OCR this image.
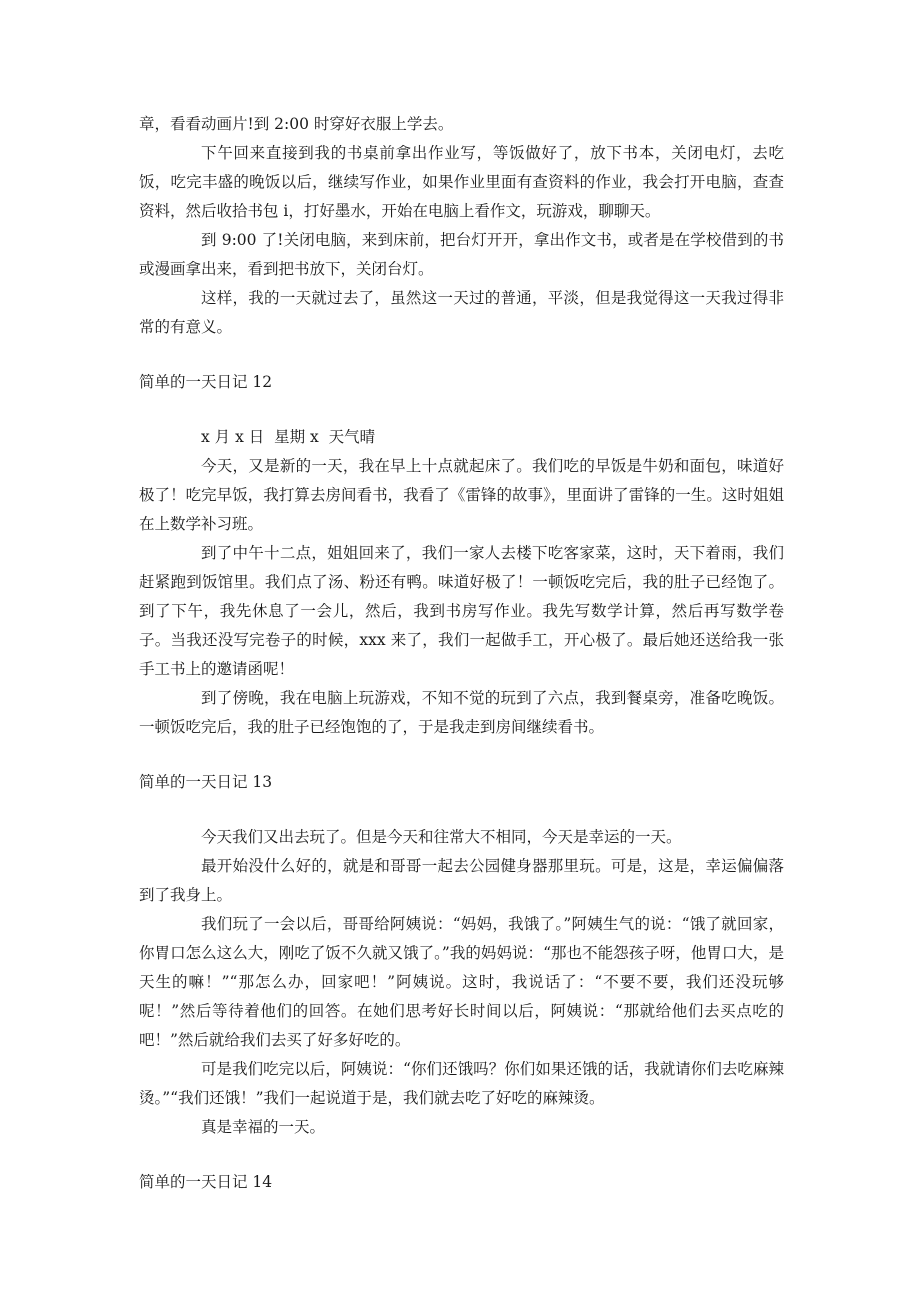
章，看看动画片!到 2:00 时穿好衣服上学去。

下午回来直接到我的书桌前拿出作业写，等饭做好了，放下书本，关闭电灯，去吃饭，吃完丰盛的晚饭以后，继续写作业，如果作业里面有查资料的作业，我会打开电脑，查查资料，然后收拾书包 i，打好墨水，开始在电脑上看作文，玩游戏，聊聊天。

到 9:00 了!关闭电脑，来到床前，把台灯开开，拿出作文书，或者是在学校借到的书或漫画拿出来，看到把书放下，关闭台灯。

这样，我的一天就过去了，虽然这一天过的普通，平淡，但是我觉得这一天我过得非常的有意义。

简单的一天日记 12

x 月 x 日  星期 x  天气晴

今天，又是新的一天，我在早上十点就起床了。我们吃的早饭是牛奶和面包，味道好极了！吃完早饭，我打算去房间看书，我看了《雷锋的故事》，里面讲了雷锋的一生。这时姐姐在上数学补习班。

到了中午十二点，姐姐回来了，我们一家人去楼下吃客家菜，这时，天下着雨，我们赶紧跑到饭馆里。我们点了汤、粉还有鸭。味道好极了！一顿饭吃完后，我的肚子已经饱了。到了下午，我先休息了一会儿，然后，我到书房写作业。我先写数学计算，然后再写数学卷子。当我还没写完卷子的时候，xxx 来了，我们一起做手工，开心极了。最后她还送给我一张手工书上的邀请函呢！

到了傍晚，我在电脑上玩游戏，不知不觉的玩到了六点，我到餐桌旁，准备吃晚饭。一顿饭吃完后，我的肚子已经饱饱的了，于是我走到房间继续看书。

简单的一天日记 13

今天我们又出去玩了。但是今天和往常大不相同，今天是幸运的一天。

最开始没什么好的，就是和哥哥一起去公园健身器那里玩。可是，这是，幸运偏偏落到了我身上。

我们玩了一会以后，哥哥给阿姨说：“妈妈，我饿了。”阿姨生气的说：“饿了就回家，你胃口怎么这么大，刚吃了饭不久就又饿了。”我的妈妈说：“那也不能怨孩子呀，他胃口大，是天生的嘛！”“那怎么办，回家吧！”阿姨说。这时，我说话了：“不要不要，我们还没玩够呢！”然后等待着他们的回答。在她们思考好长时间以后，阿姨说：“那就给他们去买点吃的吧！”然后就给我们去买了好多好吃的。

可是我们吃完以后，阿姨说：“你们还饿吗？你们如果还饿的话，我就请你们去吃麻辣烫。”“我们还饿！”我们一起说道于是，我们就去吃了好吃的麻辣烫。

真是幸福的一天。

简单的一天日记 14
